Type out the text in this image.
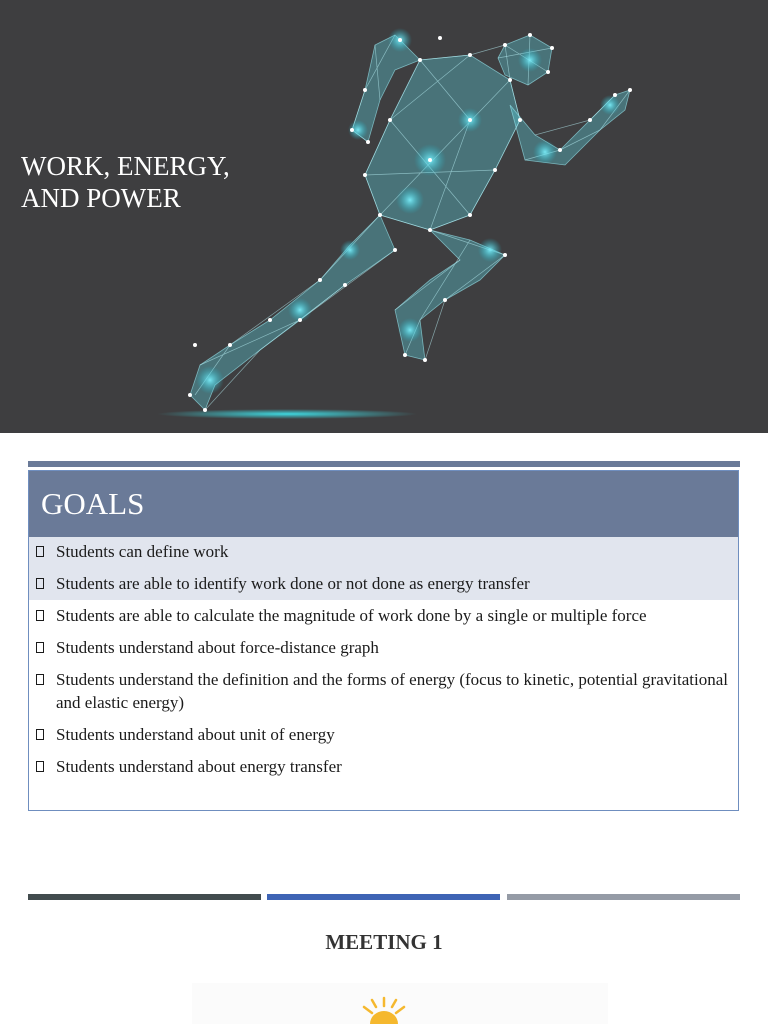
WORK, ENERGY,
AND POWER
GOALS
Students can define work
Students are able to identify work done or not done as energy transfer
Students are able to calculate the magnitude of work done by a single or multiple force
Students understand about force-distance graph
Students understand the definition and the forms of energy (focus to kinetic, potential gravitational and elastic energy)
Students understand about unit of energy
Students understand about energy transfer
MEETING 1
